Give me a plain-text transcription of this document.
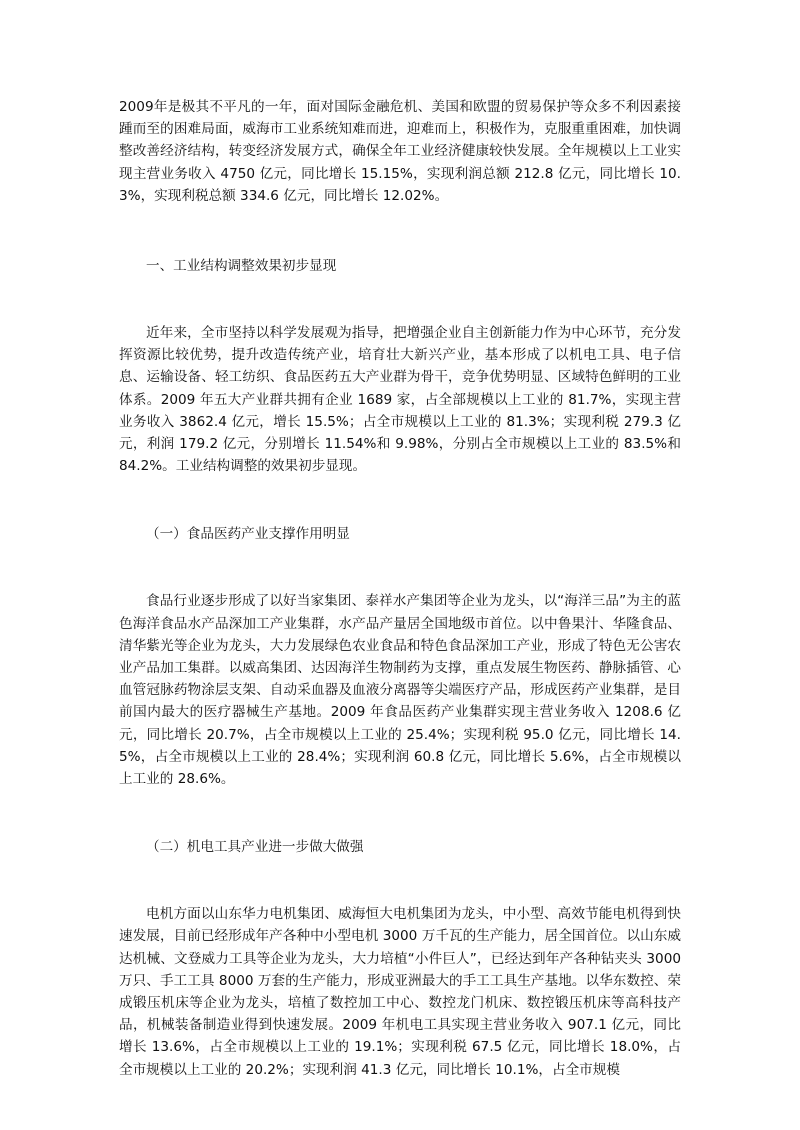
2009年是极其不平凡的一年，面对国际金融危机、美国和欧盟的贸易保护等众多不利因素接踵而至的困难局面，威海市工业系统知难而进，迎难而上，积极作为，克服重重困难，加快调整改善经济结构，转变经济发展方式，确保全年工业经济健康较快发展。全年规模以上工业实现主营业务收入 4750 亿元，同比增长 15.15%，实现利润总额 212.8 亿元，同比增长 10.3%，实现利税总额 334.6 亿元，同比增长 12.02%。

一、工业结构调整效果初步显现

近年来，全市坚持以科学发展观为指导，把增强企业自主创新能力作为中心环节，充分发挥资源比较优势，提升改造传统产业，培育壮大新兴产业，基本形成了以机电工具、电子信息、运输设备、轻工纺织、食品医药五大产业群为骨干，竞争优势明显、区域特色鲜明的工业体系。2009 年五大产业群共拥有企业 1689 家，占全部规模以上工业的 81.7%，实现主营业务收入 3862.4 亿元，增长 15.5%；占全市规模以上工业的 81.3%；实现利税 279.3 亿元，利润 179.2 亿元，分别增长 11.54%和 9.98%，分别占全市规模以上工业的 83.5%和 84.2%。工业结构调整的效果初步显现。

（一）食品医药产业支撑作用明显

食品行业逐步形成了以好当家集团、泰祥水产集团等企业为龙头，以“海洋三品”为主的蓝色海洋食品水产品深加工产业集群，水产品产量居全国地级市首位。以中鲁果汁、华隆食品、清华紫光等企业为龙头，大力发展绿色农业食品和特色食品深加工产业，形成了特色无公害农业产品加工集群。以威高集团、达因海洋生物制药为支撑，重点发展生物医药、静脉插管、心血管冠脉药物涂层支架、自动采血器及血液分离器等尖端医疗产品，形成医药产业集群，是目前国内最大的医疗器械生产基地。2009 年食品医药产业集群实现主营业务收入 1208.6 亿元，同比增长 20.7%，占全市规模以上工业的 25.4%；实现利税 95.0 亿元，同比增长 14.5%，占全市规模以上工业的 28.4%；实现利润 60.8 亿元，同比增长 5.6%，占全市规模以上工业的 28.6%。

（二）机电工具产业进一步做大做强

电机方面以山东华力电机集团、威海恒大电机集团为龙头，中小型、高效节能电机得到快速发展，目前已经形成年产各种中小型电机 3000 万千瓦的生产能力，居全国首位。以山东威达机械、文登威力工具等企业为龙头，大力培植“小件巨人”，已经达到年产各种钻夹头 3000 万只、手工工具 8000 万套的生产能力，形成亚洲最大的手工工具生产基地。以华东数控、荣成锻压机床等企业为龙头，培植了数控加工中心、数控龙门机床、数控锻压机床等高科技产品，机械装备制造业得到快速发展。2009 年机电工具实现主营业务收入 907.1 亿元，同比增长 13.6%，占全市规模以上工业的 19.1%；实现利税 67.5 亿元，同比增长 18.0%，占全市规模以上工业的 20.2%；实现利润 41.3 亿元，同比增长 10.1%，占全市规模
